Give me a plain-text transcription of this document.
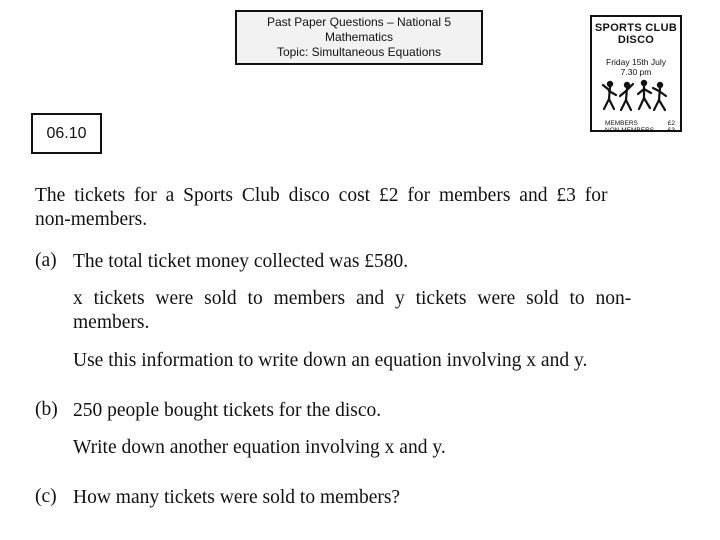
Past Paper Questions – National 5
Mathematics
Topic: Simultaneous Equations
06.10
SPORTS CLUB
DISCO
Friday 15th July
7.30 pm
MEMBERS	£2
NON MEMBERS £3
The tickets for a Sports Club disco cost £2 for members and £3 for
non-members.
(a) The total ticket money collected was £580.
x tickets were sold to members and y tickets were sold to non-
members.
Use this information to write down an equation involving x and y.
(b) 250 people bought tickets for the disco.
Write down another equation involving x and y.
(c) How many tickets were sold to members?
